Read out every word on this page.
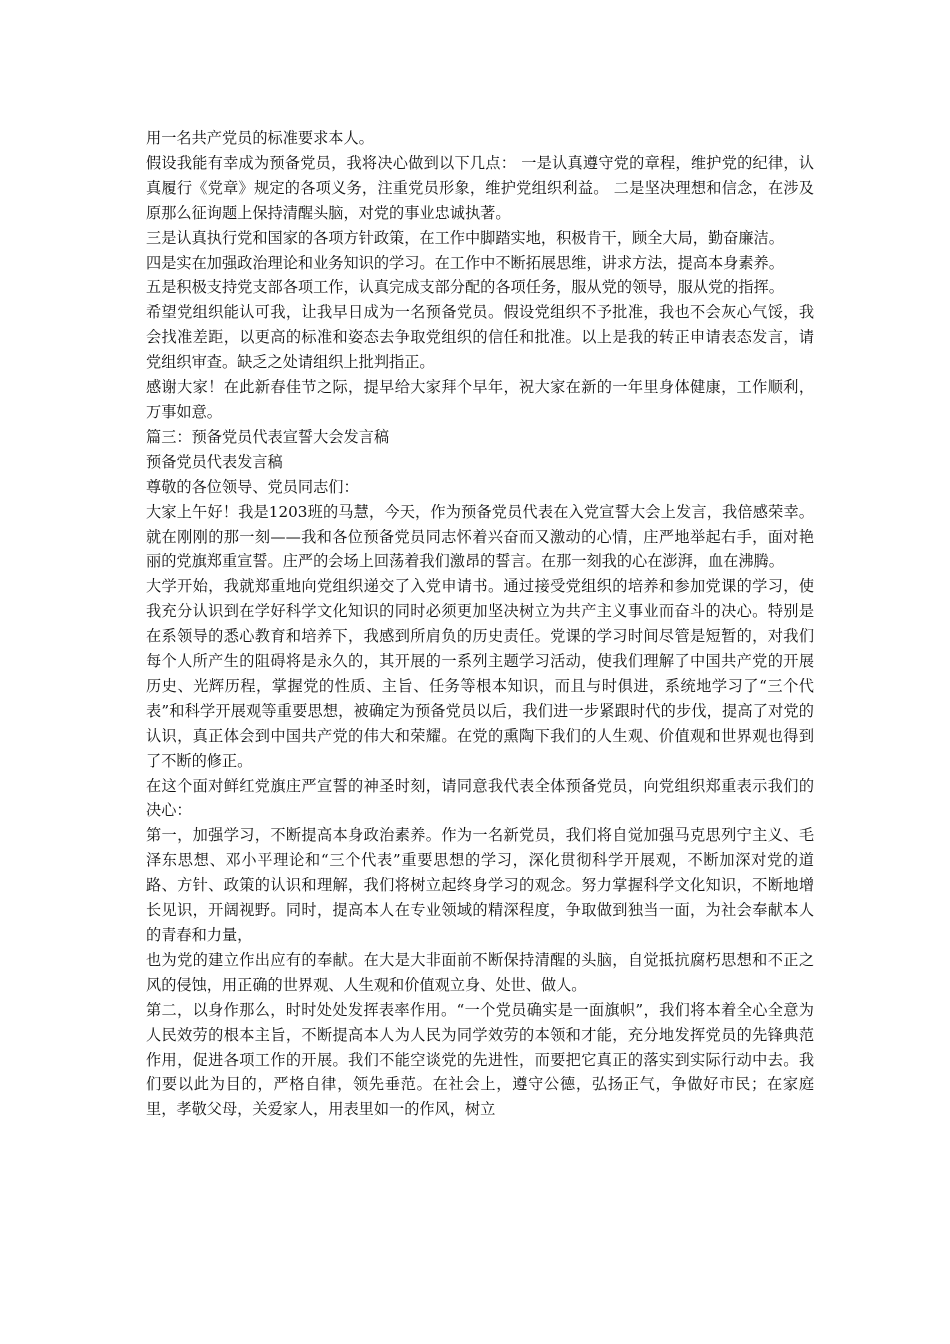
用一名共产党员的标准要求本人。

假设我能有幸成为预备党员，我将决心做到以下几点： 一是认真遵守党的章程，维护党的纪律，认真履行《党章》规定的各项义务，注重党员形象，维护党组织利益。 二是坚决理想和信念，在涉及原那么征询题上保持清醒头脑，对党的事业忠诚执著。

三是认真执行党和国家的各项方针政策，在工作中脚踏实地，积极肯干，顾全大局，勤奋廉洁。

四是实在加强政治理论和业务知识的学习。在工作中不断拓展思维，讲求方法，提高本身素养。

五是积极支持党支部各项工作，认真完成支部分配的各项任务，服从党的领导，服从党的指挥。

希望党组织能认可我，让我早日成为一名预备党员。假设党组织不予批准，我也不会灰心气馁，我会找准差距，以更高的标准和姿态去争取党组织的信任和批准。以上是我的转正申请表态发言，请党组织审查。缺乏之处请组织上批判指正。

感谢大家！在此新春佳节之际，提早给大家拜个早年，祝大家在新的一年里身体健康，工作顺利，万事如意。

篇三：预备党员代表宣誓大会发言稿

预备党员代表发言稿

尊敬的各位领导、党员同志们：

大家上午好！我是1203班的马慧，今天，作为预备党员代表在入党宣誓大会上发言，我倍感荣幸。就在刚刚的那一刻——我和各位预备党员同志怀着兴奋而又激动的心情，庄严地举起右手，面对艳丽的党旗郑重宣誓。庄严的会场上回荡着我们激昂的誓言。在那一刻我的心在澎湃，血在沸腾。

大学开始，我就郑重地向党组织递交了入党申请书。通过接受党组织的培养和参加党课的学习，使我充分认识到在学好科学文化知识的同时必须更加坚决树立为共产主义事业而奋斗的决心。特别是在系领导的悉心教育和培养下，我感到所肩负的历史责任。党课的学习时间尽管是短暂的，对我们每个人所产生的阻碍将是永久的，其开展的一系列主题学习活动，使我们理解了中国共产党的开展历史、光辉历程，掌握党的性质、主旨、任务等根本知识，而且与时俱进，系统地学习了“三个代表”和科学开展观等重要思想，被确定为预备党员以后，我们进一步紧跟时代的步伐，提高了对党的认识，真正体会到中国共产党的伟大和荣耀。在党的熏陶下我们的人生观、价值观和世界观也得到了不断的修正。

在这个面对鲜红党旗庄严宣誓的神圣时刻，请同意我代表全体预备党员，向党组织郑重表示我们的决心：

第一，加强学习，不断提高本身政治素养。作为一名新党员，我们将自觉加强马克思列宁主义、毛泽东思想、邓小平理论和“三个代表”重要思想的学习，深化贯彻科学开展观，不断加深对党的道路、方针、政策的认识和理解，我们将树立起终身学习的观念。努力掌握科学文化知识，不断地增长见识，开阔视野。同时，提高本人在专业领域的精深程度，争取做到独当一面，为社会奉献本人的青春和力量，

也为党的建立作出应有的奉献。在大是大非面前不断保持清醒的头脑，自觉抵抗腐朽思想和不正之风的侵蚀，用正确的世界观、人生观和价值观立身、处世、做人。

第二，以身作那么，时时处处发挥表率作用。“一个党员确实是一面旗帜”，我们将本着全心全意为人民效劳的根本主旨，不断提高本人为人民为同学效劳的本领和才能，充分地发挥党员的先锋典范作用，促进各项工作的开展。我们不能空谈党的先进性，而要把它真正的落实到实际行动中去。我们要以此为目的，严格自律，领先垂范。在社会上，遵守公德，弘扬正气，争做好市民；在家庭里，孝敬父母，关爱家人，用表里如一的作风，树立
